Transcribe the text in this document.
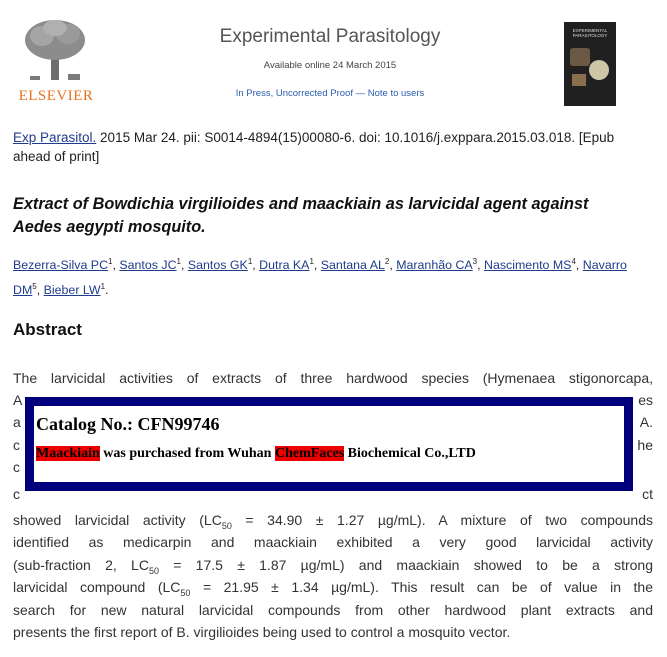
ELSEVIER
Experimental Parasitology
Available online 24 March 2015
In Press, Uncorrected Proof — Note to users
EXPERIMENTAL PARASITOLOGY
Exp Parasitol. 2015 Mar 24. pii: S0014-4894(15)00080-6. doi: 10.1016/j.exppara.2015.03.018. [Epub
ahead of print]
Extract of Bowdichia virgilioides and maackiain as larvicidal agent against Aedes aegypti mosquito.
Bezerra-Silva $PC^1$, Santos $JC^1$, Santos $GK^1$, Dutra $KA^1$, Santana $AL^2$, Maranhão $CA^3$, Nascimento $MS^4$, Navarro $DM^5$, Bieber $LW^1$.
Abstract
The larvicidal activities of extracts of three hardwood species (Hymenaea stigonorcapa,
A	es
a	A.
c	he
c
c	ct
showed larvicidal activity ($LC_{50} = 34.90 \pm 1.27$ µg/mL). A mixture of two compounds
identified as medicarpin and maackiain exhibited a very good larvicidal activity
(sub-fraction 2, $LC_{50} = 17.5 \pm 1.87$ µg/mL) and maackiain showed to be a strong
larvicidal compound ($LC_{50} = 21.95 \pm 1.34$ µg/mL). This result can be of value in the
search for new natural larvicidal compounds from other hardwood plant extracts and
presents the first report of B. virgilioides being used to control a mosquito vector.
Catalog No.: CFN99746
Maackiain was purchased from Wuhan ChemFaces Biochemical Co.,LTD
